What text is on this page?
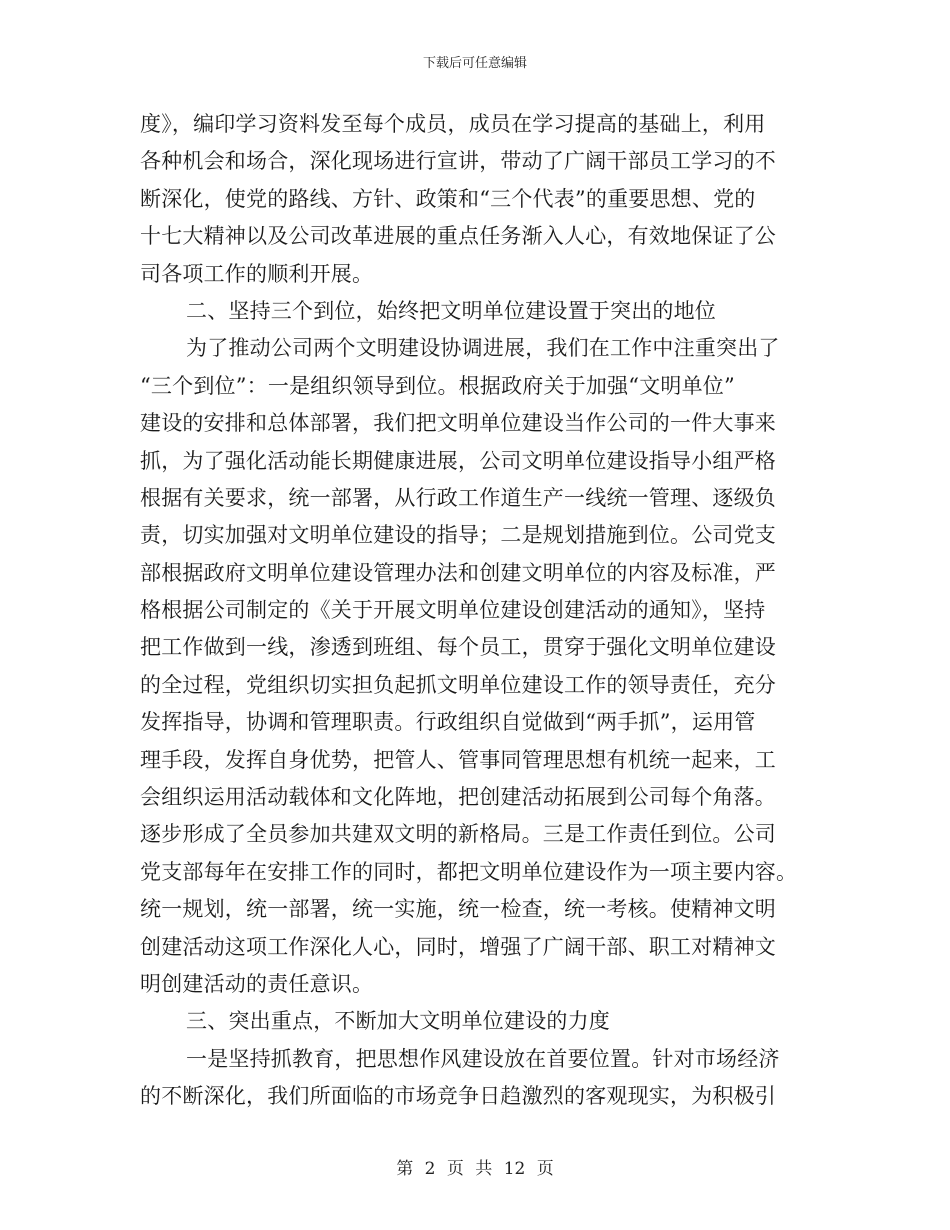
下载后可任意编辑
度》，编印学习资料发至每个成员，成员在学习提高的基础上，利用
各种机会和场合，深化现场进行宣讲，带动了广阔干部员工学习的不
断深化，使党的路线、方针、政策和“三个代表”的重要思想、党的
十七大精神以及公司改革进展的重点任务渐入人心，有效地保证了公
司各项工作的顺利开展。
二、坚持三个到位，始终把文明单位建设置于突出的地位
为了推动公司两个文明建设协调进展，我们在工作中注重突出了
“三个到位”：一是组织领导到位。根据政府关于加强“文明单位”
建设的安排和总体部署，我们把文明单位建设当作公司的一件大事来
抓，为了强化活动能长期健康进展，公司文明单位建设指导小组严格
根据有关要求，统一部署，从行政工作道生产一线统一管理、逐级负
责，切实加强对文明单位建设的指导；二是规划措施到位。公司党支
部根据政府文明单位建设管理办法和创建文明单位的内容及标准，严
格根据公司制定的《关于开展文明单位建设创建活动的通知》，坚持
把工作做到一线，渗透到班组、每个员工，贯穿于强化文明单位建设
的全过程，党组织切实担负起抓文明单位建设工作的领导责任，充分
发挥指导，协调和管理职责。行政组织自觉做到“两手抓”，运用管
理手段，发挥自身优势，把管人、管事同管理思想有机统一起来，工
会组织运用活动载体和文化阵地，把创建活动拓展到公司每个角落。
逐步形成了全员参加共建双文明的新格局。三是工作责任到位。公司
党支部每年在安排工作的同时，都把文明单位建设作为一项主要内容。
统一规划，统一部署，统一实施，统一检查，统一考核。使精神文明
创建活动这项工作深化人心，同时，增强了广阔干部、职工对精神文
明创建活动的责任意识。
三、突出重点，不断加大文明单位建设的力度
一是坚持抓教育，把思想作风建设放在首要位置。针对市场经济
的不断深化，我们所面临的市场竞争日趋激烈的客观现实，为积极引
第 2 页 共 12 页
